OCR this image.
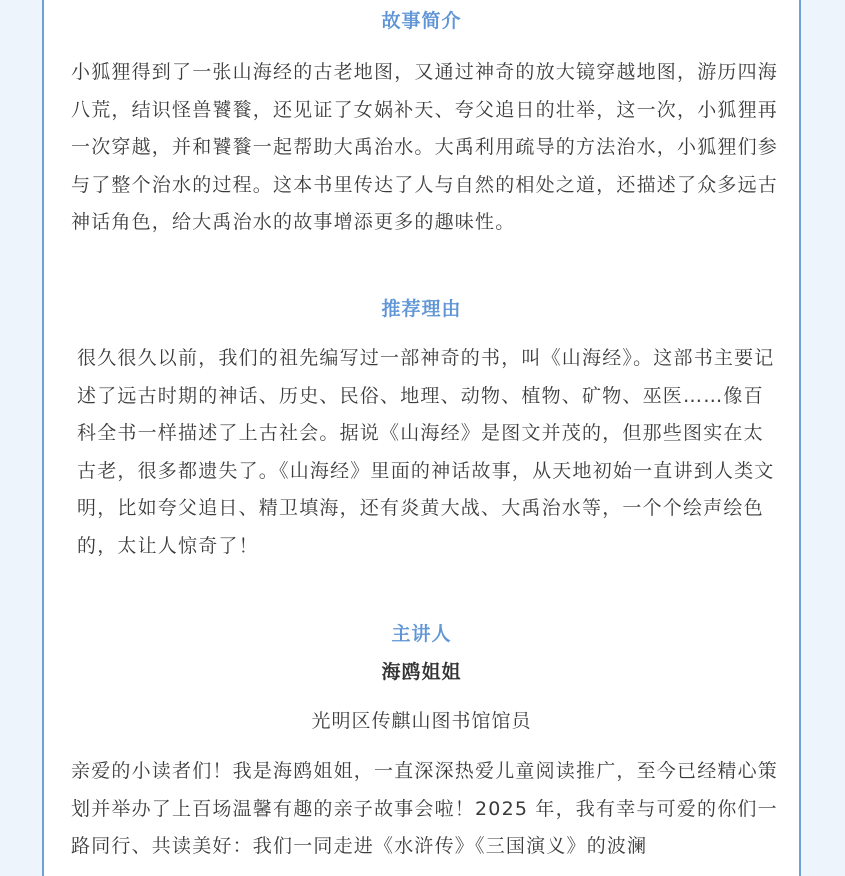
故事简介
小狐狸得到了一张山海经的古老地图，又通过神奇的放大镜穿越地图，游历四海八荒，结识怪兽饕餮，还见证了女娲补天、夸父追日的壮举，这一次，小狐狸再一次穿越，并和饕餮一起帮助大禹治水。大禹利用疏导的方法治水，小狐狸们参与了整个治水的过程。这本书里传达了人与自然的相处之道，还描述了众多远古神话角色，给大禹治水的故事增添更多的趣味性。
推荐理由
很久很久以前，我们的祖先编写过一部神奇的书，叫《山海经》。这部书主要记述了远古时期的神话、历史、民俗、地理、动物、植物、矿物、巫医……像百科全书一样描述了上古社会。据说《山海经》是图文并茂的，但那些图实在太古老，很多都遗失了。《山海经》里面的神话故事，从天地初始一直讲到人类文明，比如夸父追日、精卫填海，还有炎黄大战、大禹治水等，一个个绘声绘色的，太让人惊奇了！
主讲人
海鸥姐姐
光明区传麒山图书馆馆员
亲爱的小读者们！我是海鸥姐姐，一直深深热爱儿童阅读推广，至今已经精心策划并举办了上百场温馨有趣的亲子故事会啦！2025 年，我有幸与可爱的你们一路同行、共读美好：我们一同走进《水浒传》《三国演义》的波澜
